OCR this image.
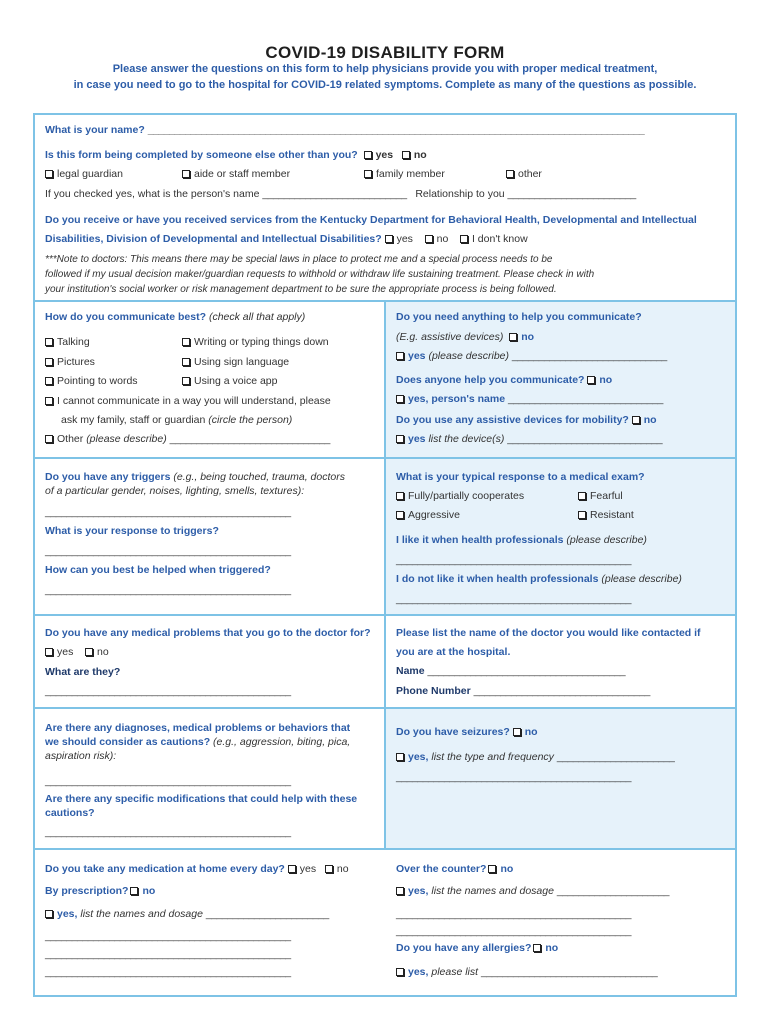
COVID-19 DISABILITY FORM
Please answer the questions on this form to help physicians provide you with proper medical treatment,
in case you need to go to the hospital for COVID-19 related symptoms. Complete as many of the questions as possible.
What is your name? _____________________________________________________________________________________________
Is this form being completed by someone else other than you? yes no
legal guardian	aide or staff member	family member	other
If you checked yes, what is the person's name ___________________________ Relationship to you ________________________
Do you receive or have you received services from the Kentucky Department for Behavioral Health, Developmental and Intellectual
Disabilities, Division of Developmental and Intellectual Disabilities? yes no I don't know
***Note to doctors: This means there may be special laws in place to protect me and a special process needs to be
followed if my usual decision maker/guardian requests to withhold or withdraw life sustaining treatment. Please check in with
your institution's social worker or risk management department to be sure the appropriate process is being followed.
How do you communicate best? (check all that apply)
Talking	Writing or typing things down
Pictures	Using sign language
Pointing to words	Using a voice app
I cannot communicate in a way you will understand, please
ask my family, staff or guardian (circle the person)
Other (please describe) ______________________________
Do you need anything to help you communicate?
(E.g. assistive devices) no
yes (please describe) _____________________________
Does anyone help you communicate? no
yes, person's name _____________________________
Do you use any assistive devices for mobility? no
yes list the device(s) _____________________________
Do you have any triggers (e.g., being touched, trauma, doctors
of a particular gender, noises, lighting, smells, textures):
______________________________________________
What is your response to triggers?
______________________________________________
How can you best be helped when triggered?
______________________________________________
What is your typical response to a medical exam?
Fully/partially cooperates	Fearful
Aggressive	Resistant
I like it when health professionals (please describe)
____________________________________________
I do not like it when health professionals (please describe)
____________________________________________
Do you have any medical problems that you go to the doctor for?
yes no
What are they?
______________________________________________
Please list the name of the doctor you would like contacted if
you are at the hospital.
Name _____________________________________
Phone Number _________________________________
Are there any diagnoses, medical problems or behaviors that
we should consider as cautions? (e.g., aggression, biting, pica,
aspiration risk):
______________________________________________
Are there any specific modifications that could help with these
cautions?
______________________________________________
Do you have seizures? no
yes, list the type and frequency ______________________
____________________________________________
Do you take any medication at home every day? yes no
By prescription? no
yes, list the names and dosage _______________________
______________________________________________
______________________________________________
______________________________________________
Over the counter? no
yes, list the names and dosage _____________________
____________________________________________
____________________________________________
Do you have any allergies? no
yes, please list _________________________________
